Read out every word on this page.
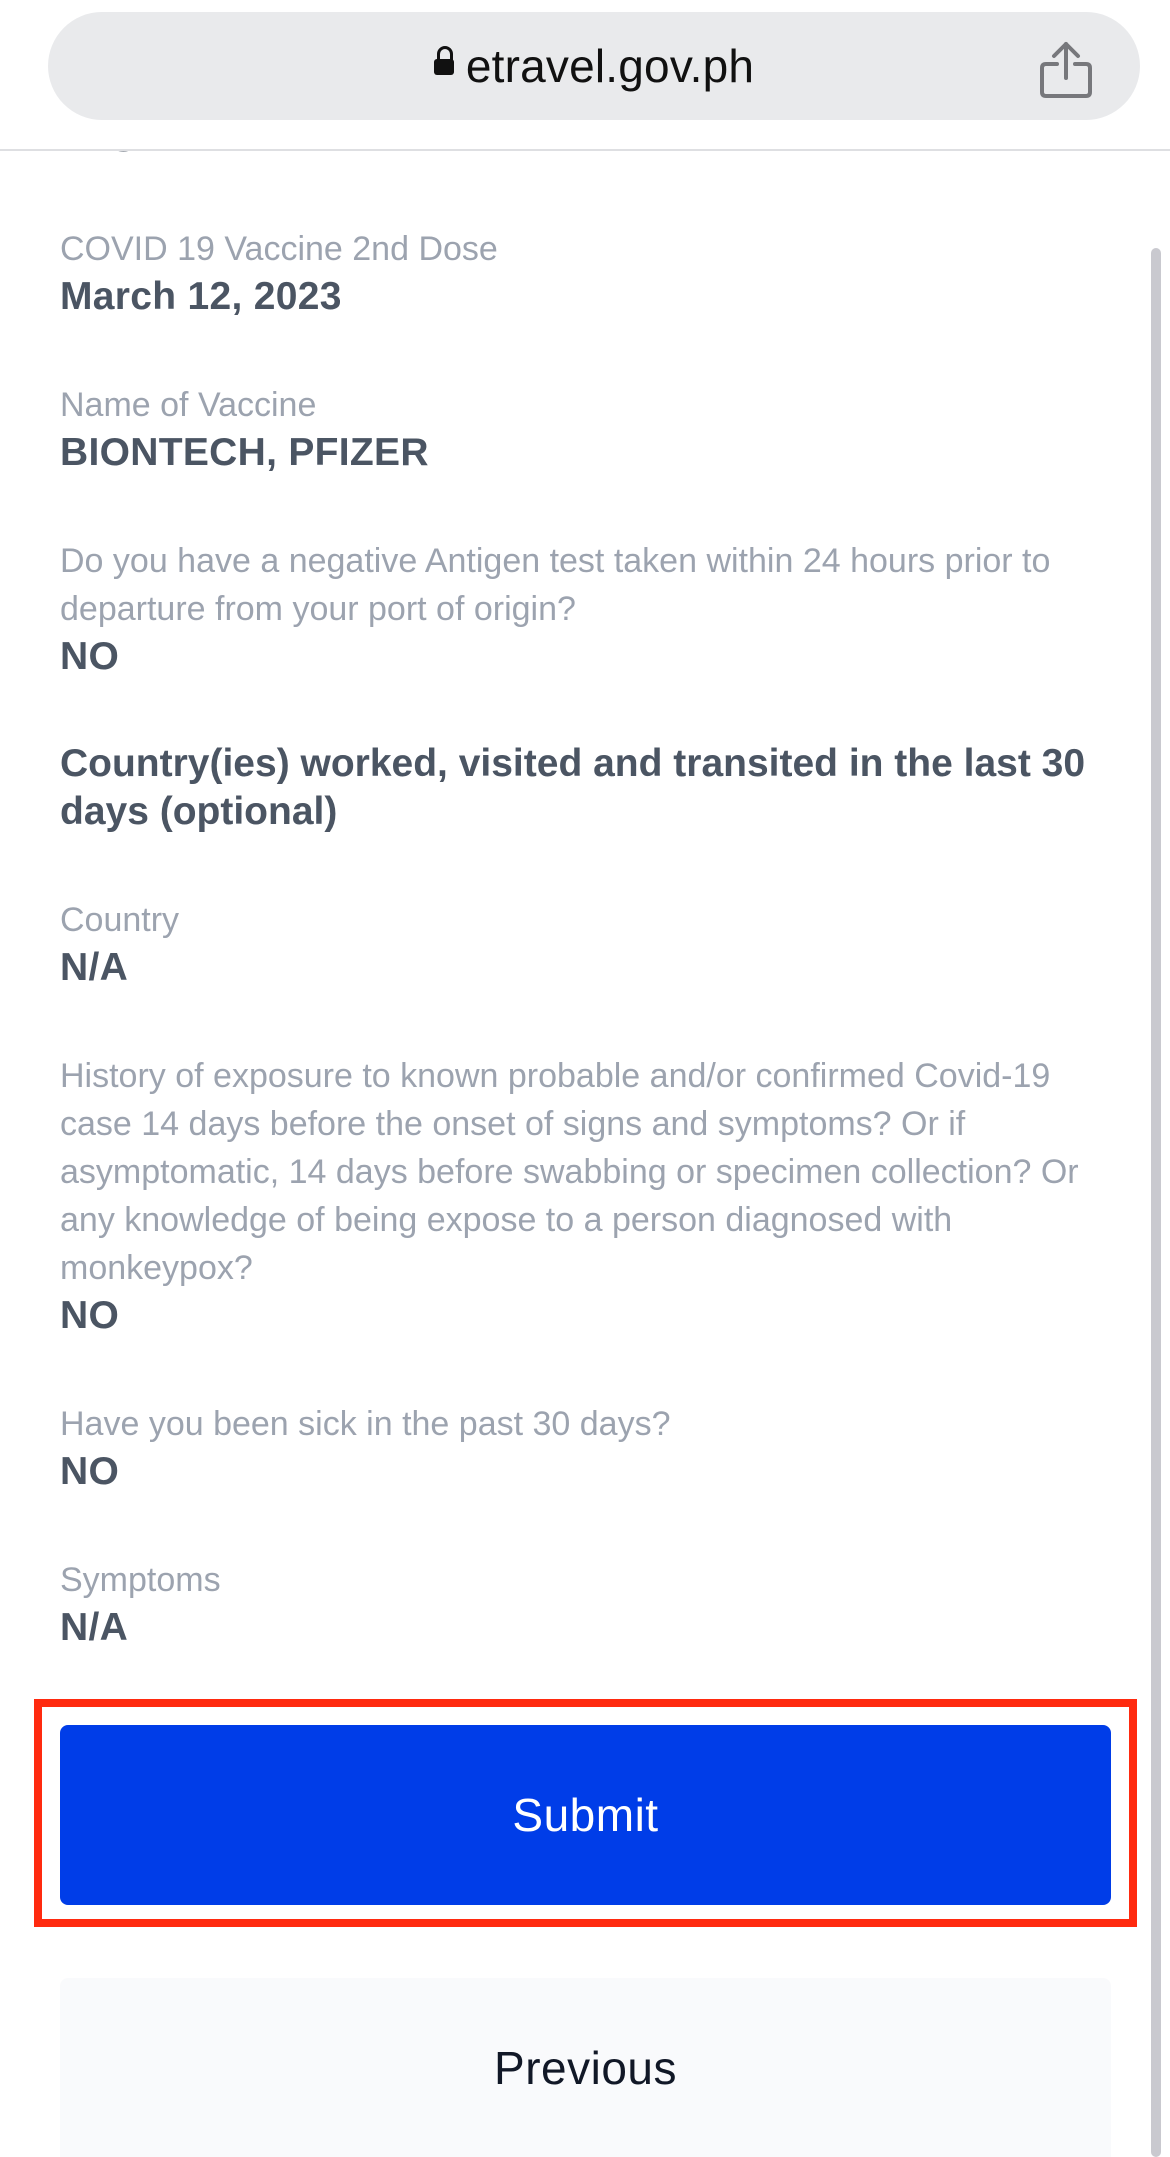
etravel.gov.ph
COVID 19 Vaccine 2nd Dose
March 12, 2023
Name of Vaccine
BIONTECH, PFIZER
Do you have a negative Antigen test taken within 24 hours prior to departure from your port of origin?
NO
Country(ies) worked, visited and transited in the last 30 days (optional)
Country
N/A
History of exposure to known probable and/or confirmed Covid-19 case 14 days before the onset of signs and symptoms? Or if asymptomatic, 14 days before swabbing or specimen collection? Or any knowledge of being expose to a person diagnosed with monkeypox?
NO
Have you been sick in the past 30 days?
NO
Symptoms
N/A
Submit
Previous
